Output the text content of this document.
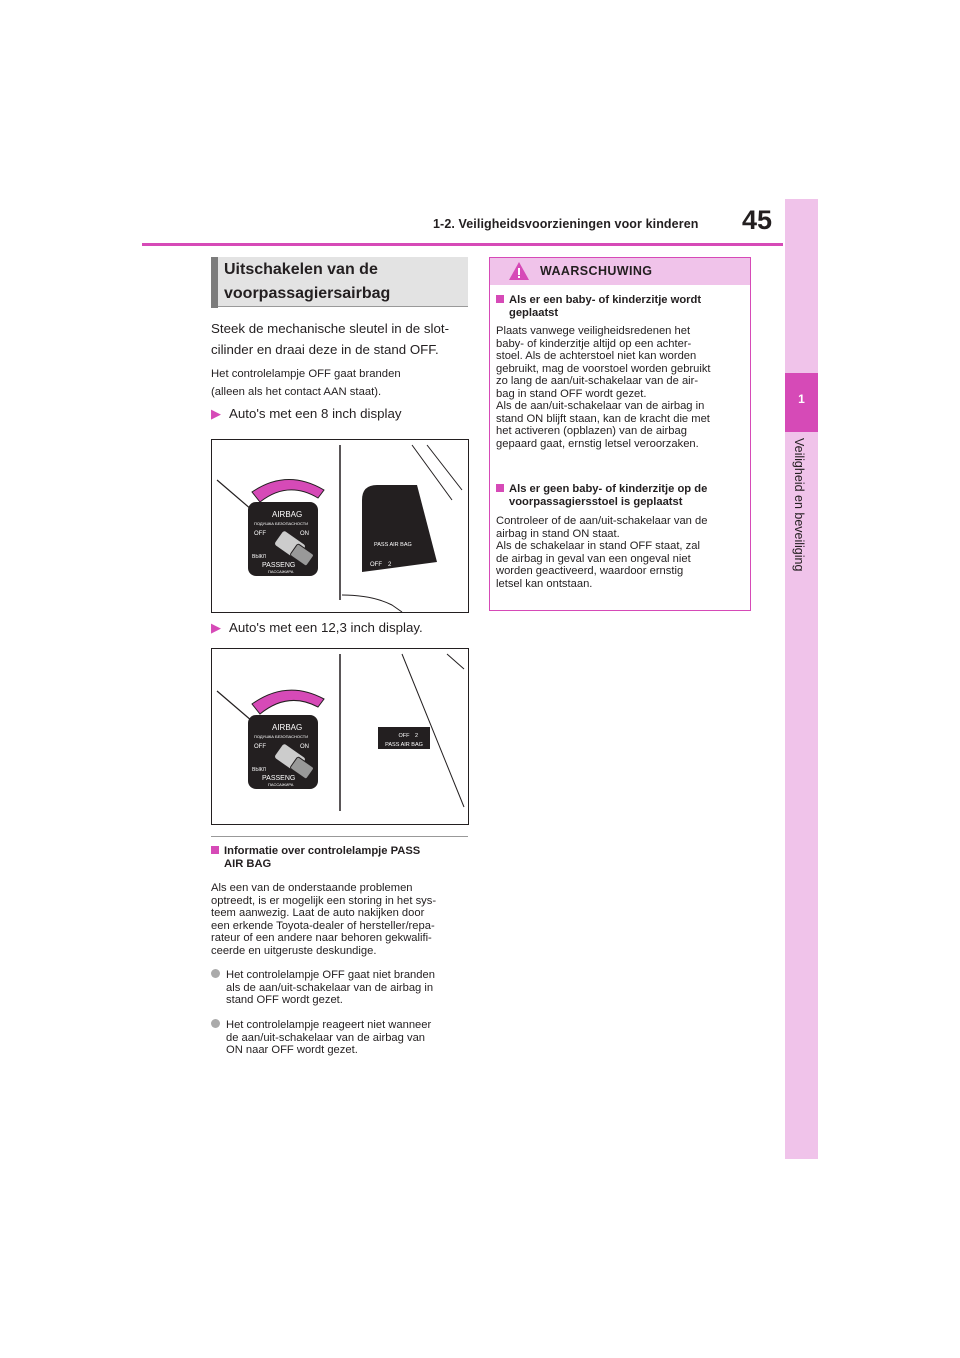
1-2. Veiligheidsvoorzieningen voor kinderen 45
1
Veiligheid en beveiliging
Uitschakelen van de
voorpassagiersairbag

Steek de mechanische sleutel in de slot-

cilinder en draai deze in de stand OFF.

Het controlelampje OFF gaat branden

(alleen als het contact AAN staat).

▶ Auto's met een 8 inch display
AIRBAG
ПОДУШКА БЕЗОПАСНОСТИ
OFF	ON
ВЫКЛ
PASSENG
ПАССАЖИРА
PASS AIR BAG
OFF 2
▶ Auto's met een 12,3 inch display.
AIRBAG
ПОДУШКА БЕЗОПАСНОСТИ
OFF	ON
ВЫКЛ
PASSENG
ПАССАЖИРА
OFF 2
PASS AIR BAG

Informatie over controlelampje PASS

AIR BAG

Als een van de onderstaande problemen

optreedt, is er mogelijk een storing in het sys-

teem aanwezig. Laat de auto nakijken door

een erkende Toyota-dealer of hersteller/repa-

rateur of een andere naar behoren gekwalifi-

ceerde en uitgeruste deskundige.

Het controlelampje OFF gaat niet branden

als de aan/uit-schakelaar van de airbag in

stand OFF wordt gezet.

Het controlelampje reageert niet wanneer

de aan/uit-schakelaar van de airbag van

ON naar OFF wordt gezet.

WAARSCHUWING

Als er een baby- of kinderzitje wordt

geplaatst

Plaats vanwege veiligheidsredenen het

baby- of kinderzitje altijd op een achter-

stoel. Als de achterstoel niet kan worden

gebruikt, mag de voorstoel worden gebruikt

zo lang de aan/uit-schakelaar van de air-

bag in stand OFF wordt gezet.

Als de aan/uit-schakelaar van de airbag in

stand ON blijft staan, kan de kracht die met

het activeren (opblazen) van de airbag

gepaard gaat, ernstig letsel veroorzaken.

Als er geen baby- of kinderzitje op de

voorpassagiersstoel is geplaatst

Controleer of de aan/uit-schakelaar van de

airbag in stand ON staat.

Als de schakelaar in stand OFF staat, zal

de airbag in geval van een ongeval niet

worden geactiveerd, waardoor ernstig

letsel kan ontstaan.
